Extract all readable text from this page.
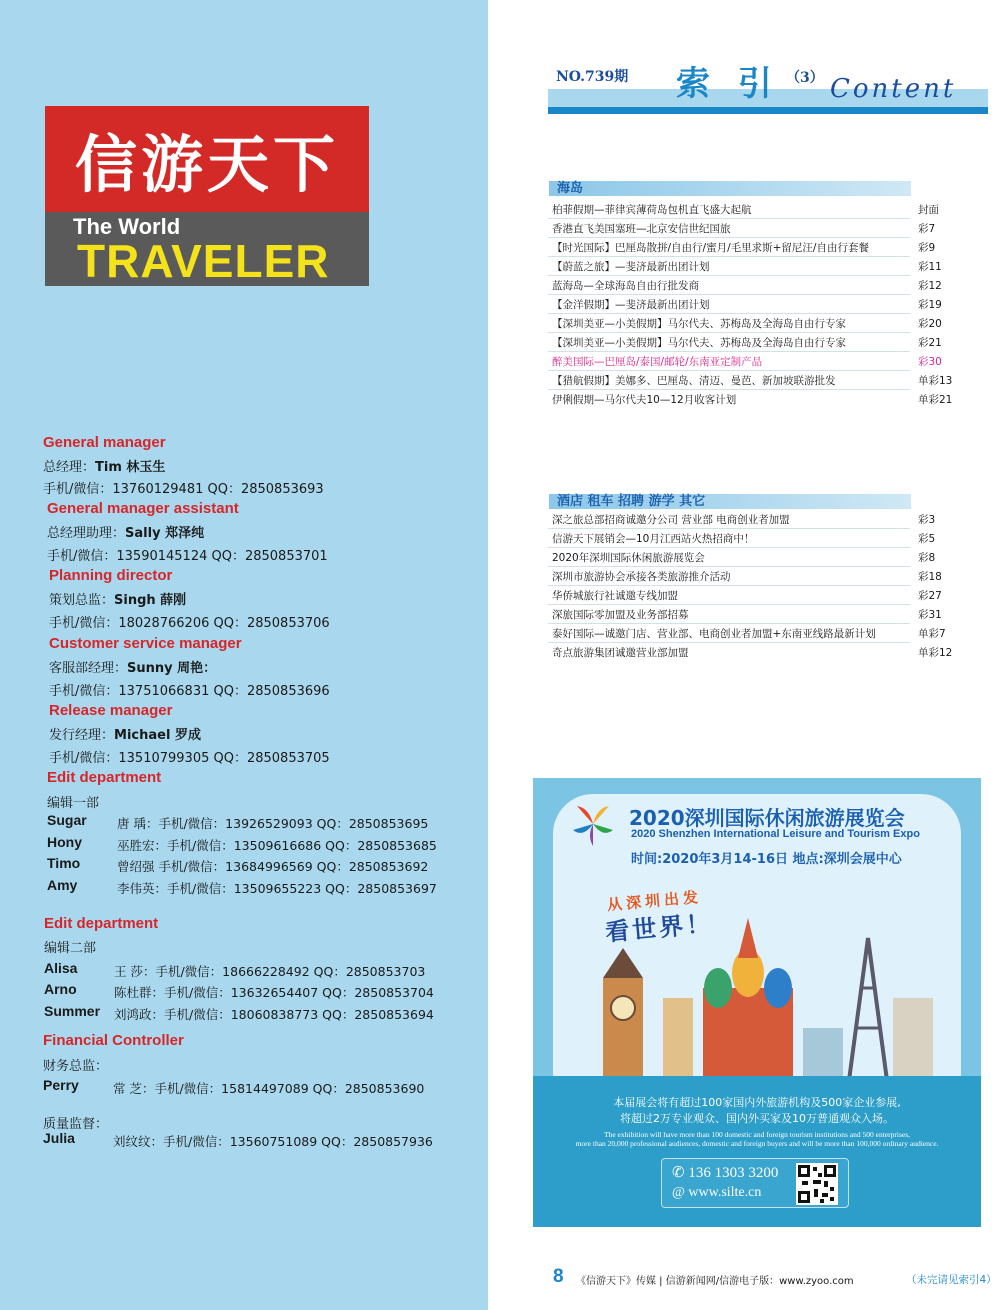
信游天下
The World
TRAVELER
General manager
总经理：Tim 林玉生
手机/微信：13760129481 QQ：2850853693
General manager assistant
总经理助理：Sally 郑泽纯
手机/微信：13590145124 QQ：2850853701
Planning director
策划总监：Singh 薛刚
手机/微信：18028766206 QQ：2850853706
Customer service manager
客服部经理：Sunny 周艳：
手机/微信：13751066831 QQ：2850853696
Release manager
发行经理：Michael 罗成
手机/微信：13510799305 QQ：2850853705
Edit department
编辑一部
Sugar 唐 瑀：手机/微信：13926529093 QQ：2850853695
Hony	巫胜宏：手机/微信：13509616686 QQ：2850853685
Timo	曾绍强 手机/微信：13684996569 QQ：2850853692
Amy	李伟英：手机/微信：13509655223 QQ：2850853697
Edit department
编辑二部
Alisa	王 莎：手机/微信：18666228492 QQ：2850853703
Arno	陈杜群：手机/微信：13632654407 QQ：2850853704
Summer 刘鸿政：手机/微信：18060838773 QQ：2850853694
Financial Controller
财务总监：
Perry	常 芝：手机/微信：15814497089 QQ：2850853690
质量监督：
Julia	刘纹纹：手机/微信：13560751089 QQ：2850857936
NO.739期 索 引 （3） Content
海岛
柏菲假期—菲律宾薄荷岛包机直飞盛大起航	封面
香港直飞美国塞班—北京安信世纪国旅	彩7
【时光国际】巴厘岛散拼/自由行/蜜月/毛里求斯+留尼汪/自由行套餐	彩9
【蔚蓝之旅】—斐济最新出团计划	彩11
蓝海岛—全球海岛自由行批发商	彩12
【金洋假期】—斐济最新出团计划	彩19
【深圳美亚—小美假期】马尔代夫、苏梅岛及全海岛自由行专家	彩20
【深圳美亚—小美假期】马尔代夫、苏梅岛及全海岛自由行专家	彩21
醉美国际—巴厘岛/泰国/邮轮/东南亚定制产品	彩30
【猎航假期】美娜多、巴厘岛、清迈、曼芭、新加坡联游批发	单彩13
伊俐假期—马尔代夫10—12月收客计划	单彩21
酒店 租车 招聘 游学 其它
深之旅总部招商诚邀分公司 营业部 电商创业者加盟	彩3
信游天下展销会—10月江西站火热招商中！	彩5
2020年深圳国际休闲旅游展览会	彩8
深圳市旅游协会承接各类旅游推介活动	彩18
华侨城旅行社诚邀专线加盟	彩27
深旅国际零加盟及业务部招募	彩31
泰好国际—诚邀门店、营业部、电商创业者加盟+东南亚线路最新计划	单彩7
奇点旅游集团诚邀营业部加盟	单彩12
2020深圳国际休闲旅游展览会
2020 Shenzhen International Leisure and Tourism Expo
时间:2020年3月14-16日 地点:深圳会展中心
从深圳出发
看世界！
本届展会将有超过100家国内外旅游机构及500家企业参展,
将超过2万专业观众、国内外买家及10万普通观众入场。
The exhibition will have more than 100 domestic and foreign tourism institutions and 500 enterprises,
more than 20,000 professional audiences, domestic and foreign buyers and will be more than 100,000 ordinary audience.
✆ 136 1303 3200
@ www.silte.cn
8 《信游天下》传媒 | 信游新闻网/信游电子版：www.zyoo.com	（未完请见索引4）
